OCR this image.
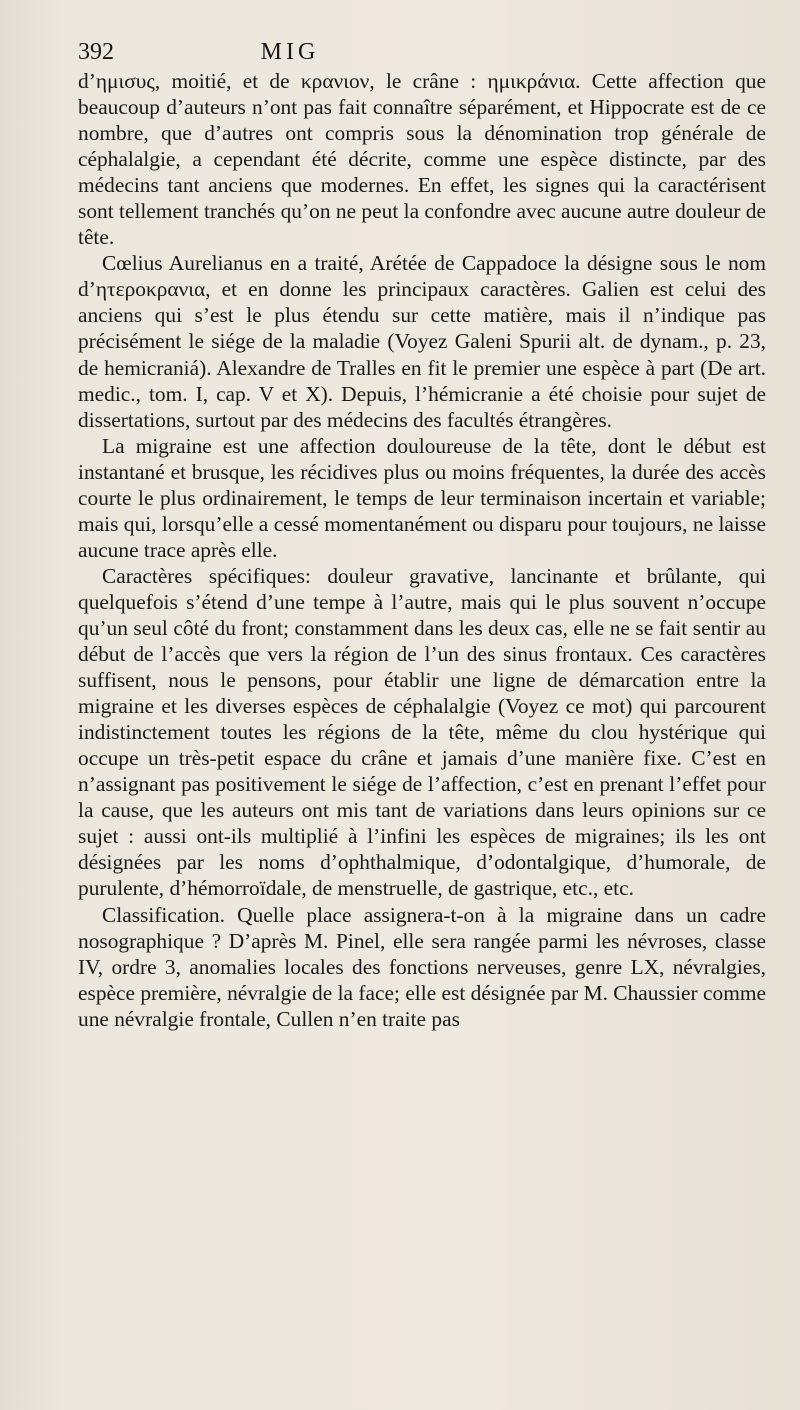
392	MIG

d’ημισυς, moitié, et de κρανιον, le crâne : ημικράνια. Cette affection que beaucoup d’auteurs n’ont pas fait connaître séparément, et Hippocrate est de ce nombre, que d’autres ont compris sous la dénomination trop générale de céphalalgie, a cependant été décrite, comme une espèce distincte, par des médecins tant anciens que modernes. En effet, les signes qui la caractérisent sont tellement tranchés qu’on ne peut la confondre avec aucune autre douleur de tête.

Cœlius Aurelianus en a traité, Arétée de Cappadoce la désigne sous le nom d’ητεροκρανια, et en donne les principaux caractères. Galien est celui des anciens qui s’est le plus étendu sur cette matière, mais il n’indique pas précisément le siége de la maladie (Voyez Galeni Spurii alt. de dynam., p. 23, de hemicraniá). Alexandre de Tralles en fit le premier une espèce à part (De art. medic., tom. I, cap. V et X). Depuis, l’hémicranie a été choisie pour sujet de dissertations, surtout par des médecins des facultés étrangères.

La migraine est une affection douloureuse de la tête, dont le début est instantané et brusque, les récidives plus ou moins fréquentes, la durée des accès courte le plus ordinairement, le temps de leur terminaison incertain et variable; mais qui, lorsqu’elle a cessé momentanément ou disparu pour toujours, ne laisse aucune trace après elle.

Caractères spécifiques: douleur gravative, lancinante et brûlante, qui quelquefois s’étend d’une tempe à l’autre, mais qui le plus souvent n’occupe qu’un seul côté du front; constamment dans les deux cas, elle ne se fait sentir au début de l’accès que vers la région de l’un des sinus frontaux. Ces caractères suffisent, nous le pensons, pour établir une ligne de démarcation entre la migraine et les diverses espèces de céphalalgie (Voyez ce mot) qui parcourent indistinctement toutes les régions de la tête, même du clou hystérique qui occupe un très-petit espace du crâne et jamais d’une manière fixe. C’est en n’assignant pas positivement le siége de l’affection, c’est en prenant l’effet pour la cause, que les auteurs ont mis tant de variations dans leurs opinions sur ce sujet : aussi ont-ils multiplié à l’infini les espèces de migraines; ils les ont désignées par les noms d’ophthalmique, d’odontalgique, d’humorale, de purulente, d’hémorroïdale, de menstruelle, de gastrique, etc., etc.

Classification. Quelle place assignera-t-on à la migraine dans un cadre nosographique ? D’après M. Pinel, elle sera rangée parmi les névroses, classe IV, ordre 3, anomalies locales des fonctions nerveuses, genre LX, névralgies, espèce première, névralgie de la face; elle est désignée par M. Chaussier comme une névralgie frontale, Cullen n’en traite pas
